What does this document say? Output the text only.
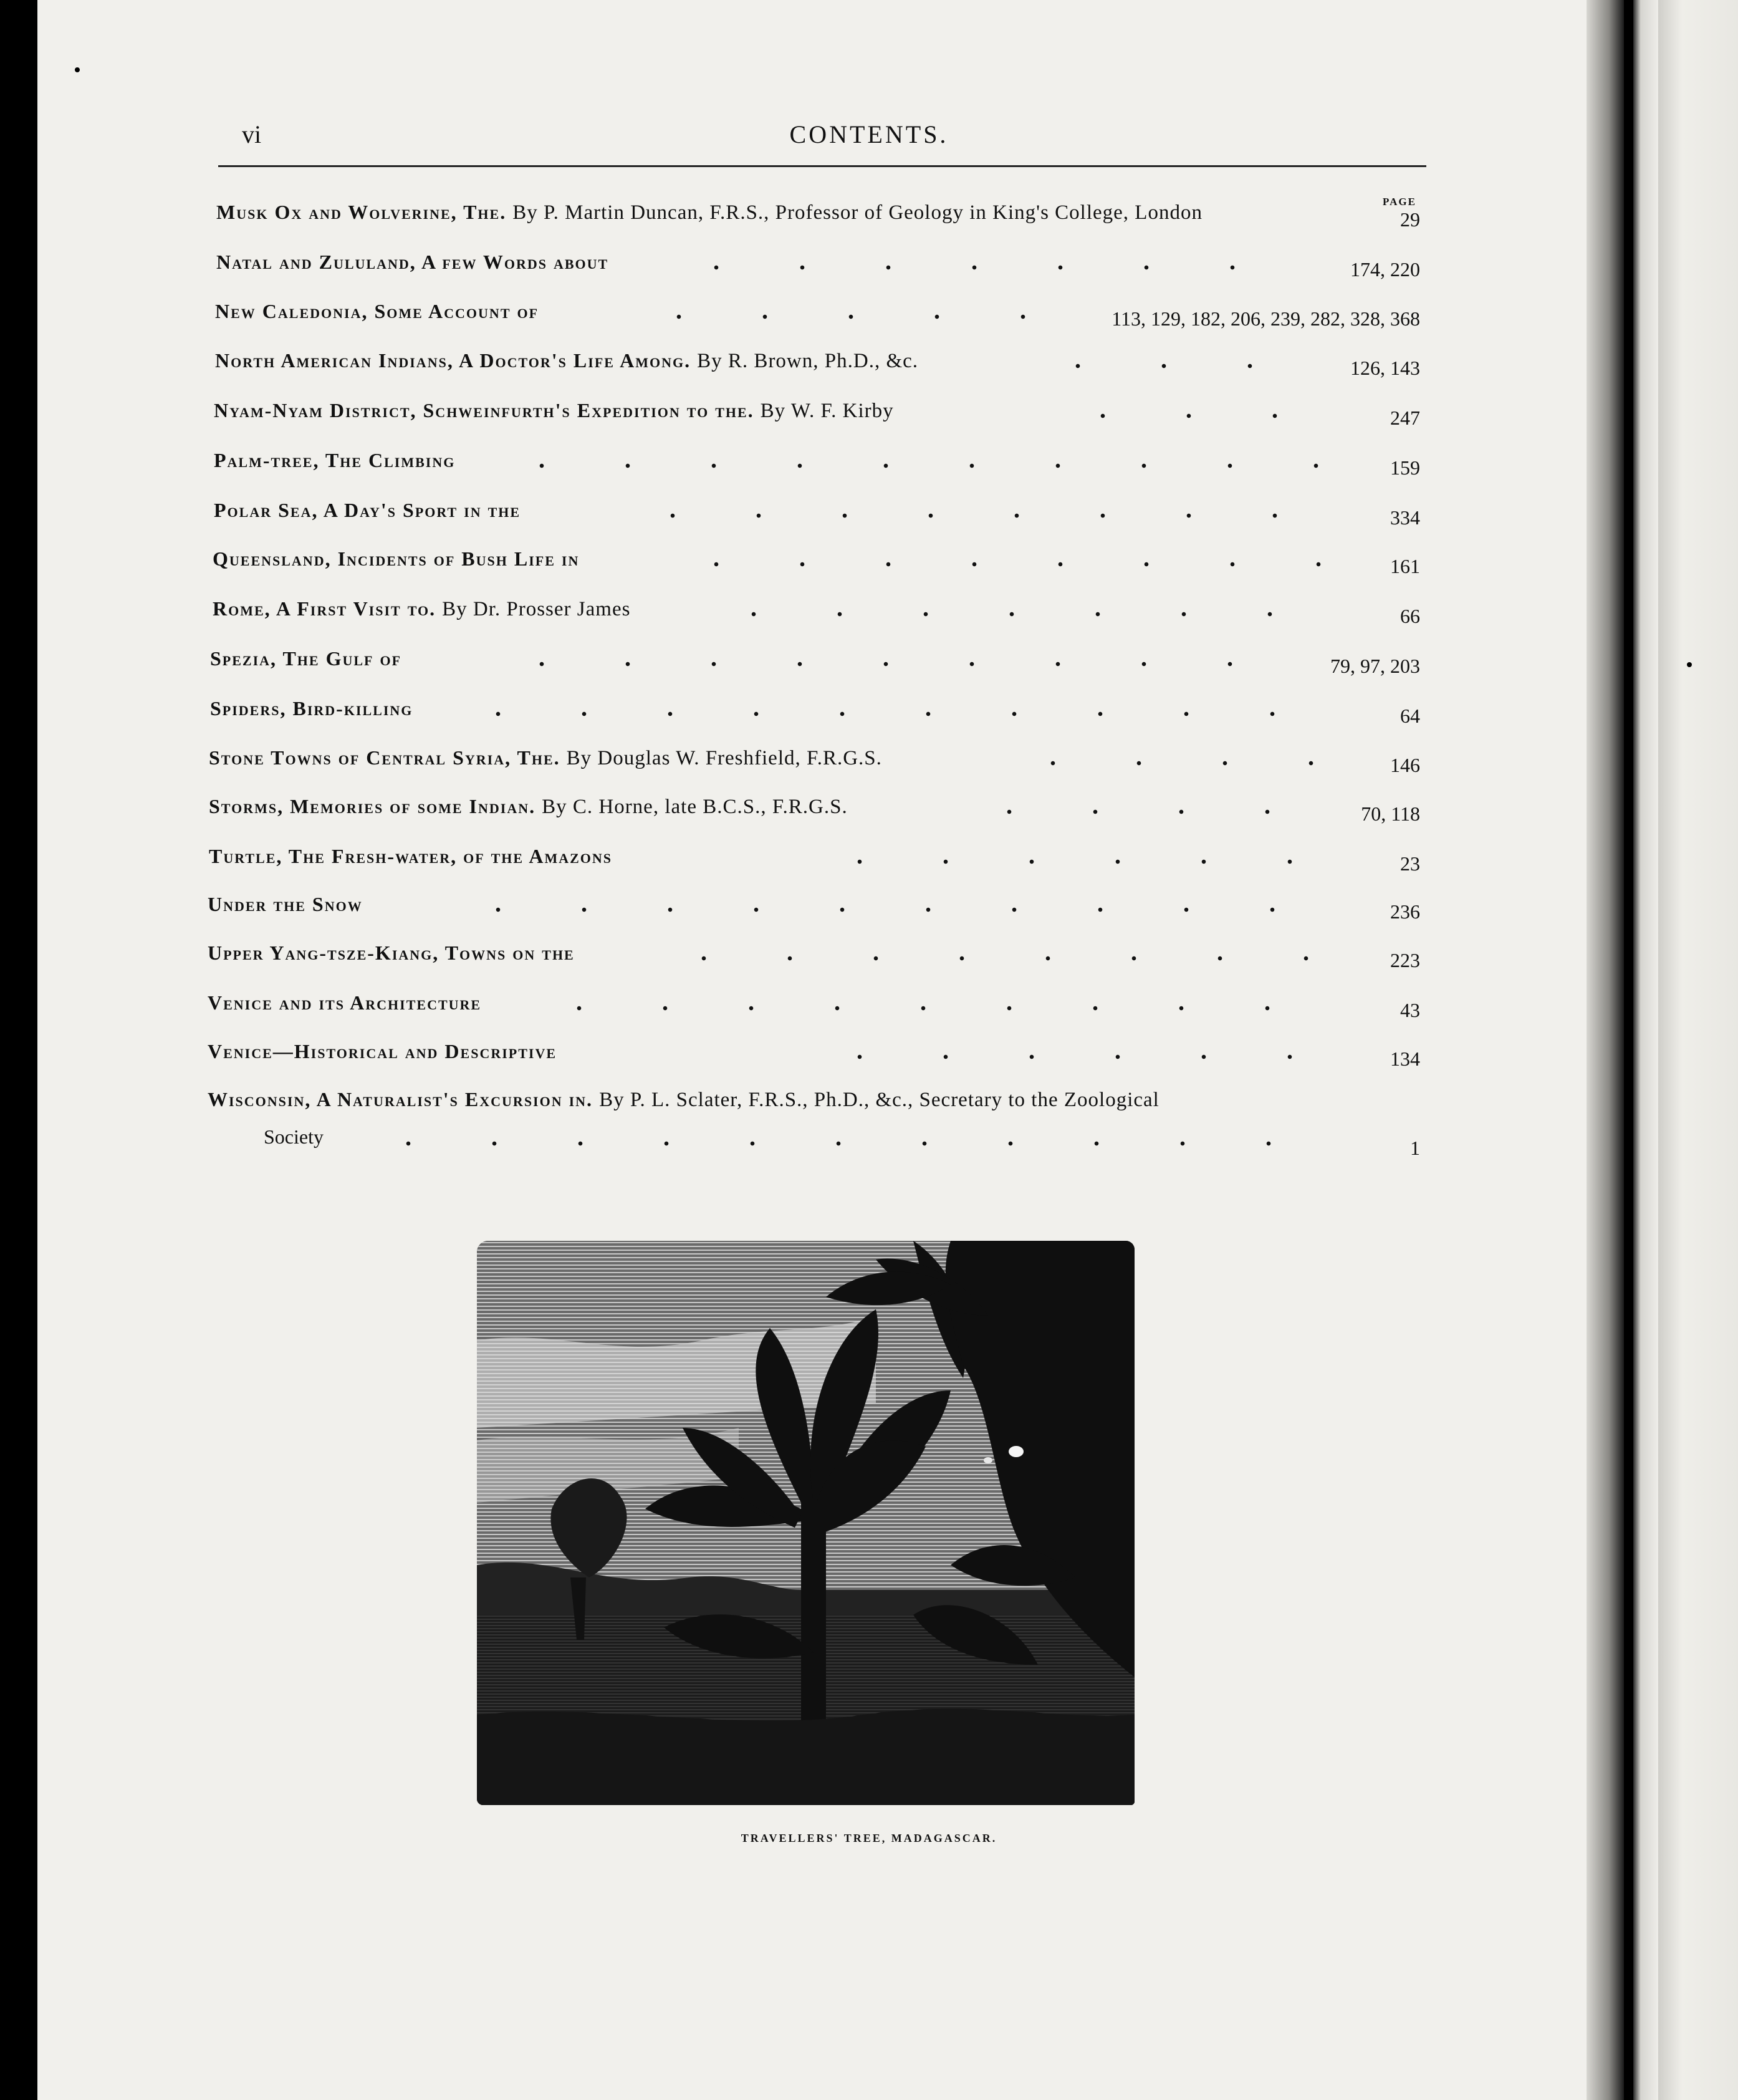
vi	CONTENTS.
PAGE
Musk Ox and Wolverine, The. By P. Martin Duncan, F.R.S., Professor of Geology in King's College, London	29
Natal and Zululand, A few Words about	174, 220
New Caledonia, Some Account of	113, 129, 182, 206, 239, 282, 328, 368
North American Indians, A Doctor's Life Among. By R. Brown, Ph.D., &c.	126, 143
Nyam-Nyam District, Schweinfurth's Expedition to the. By W. F. Kirby	247
Palm-tree, The Climbing	159
Polar Sea, A Day's Sport in the	334
Queensland, Incidents of Bush Life in	161
Rome, A First Visit to. By Dr. Prosser James	66
Spezia, The Gulf of	79, 97, 203
Spiders, Bird-killing	64
Stone Towns of Central Syria, The. By Douglas W. Freshfield, F.R.G.S.	146
Storms, Memories of some Indian. By C. Horne, late B.C.S., F.R.G.S.	70, 118
Turtle, The Fresh-water, of the Amazons	23
Under the Snow	236
Upper Yang-tsze-Kiang, Towns on the	223
Venice and its Architecture	43
Venice—Historical and Descriptive	134
Wisconsin, A Naturalist's Excursion in. By P. L. Sclater, F.R.S., Ph.D., &c., Secretary to the Zoological
Society	1
TRAVELLERS' TREE, MADAGASCAR.
